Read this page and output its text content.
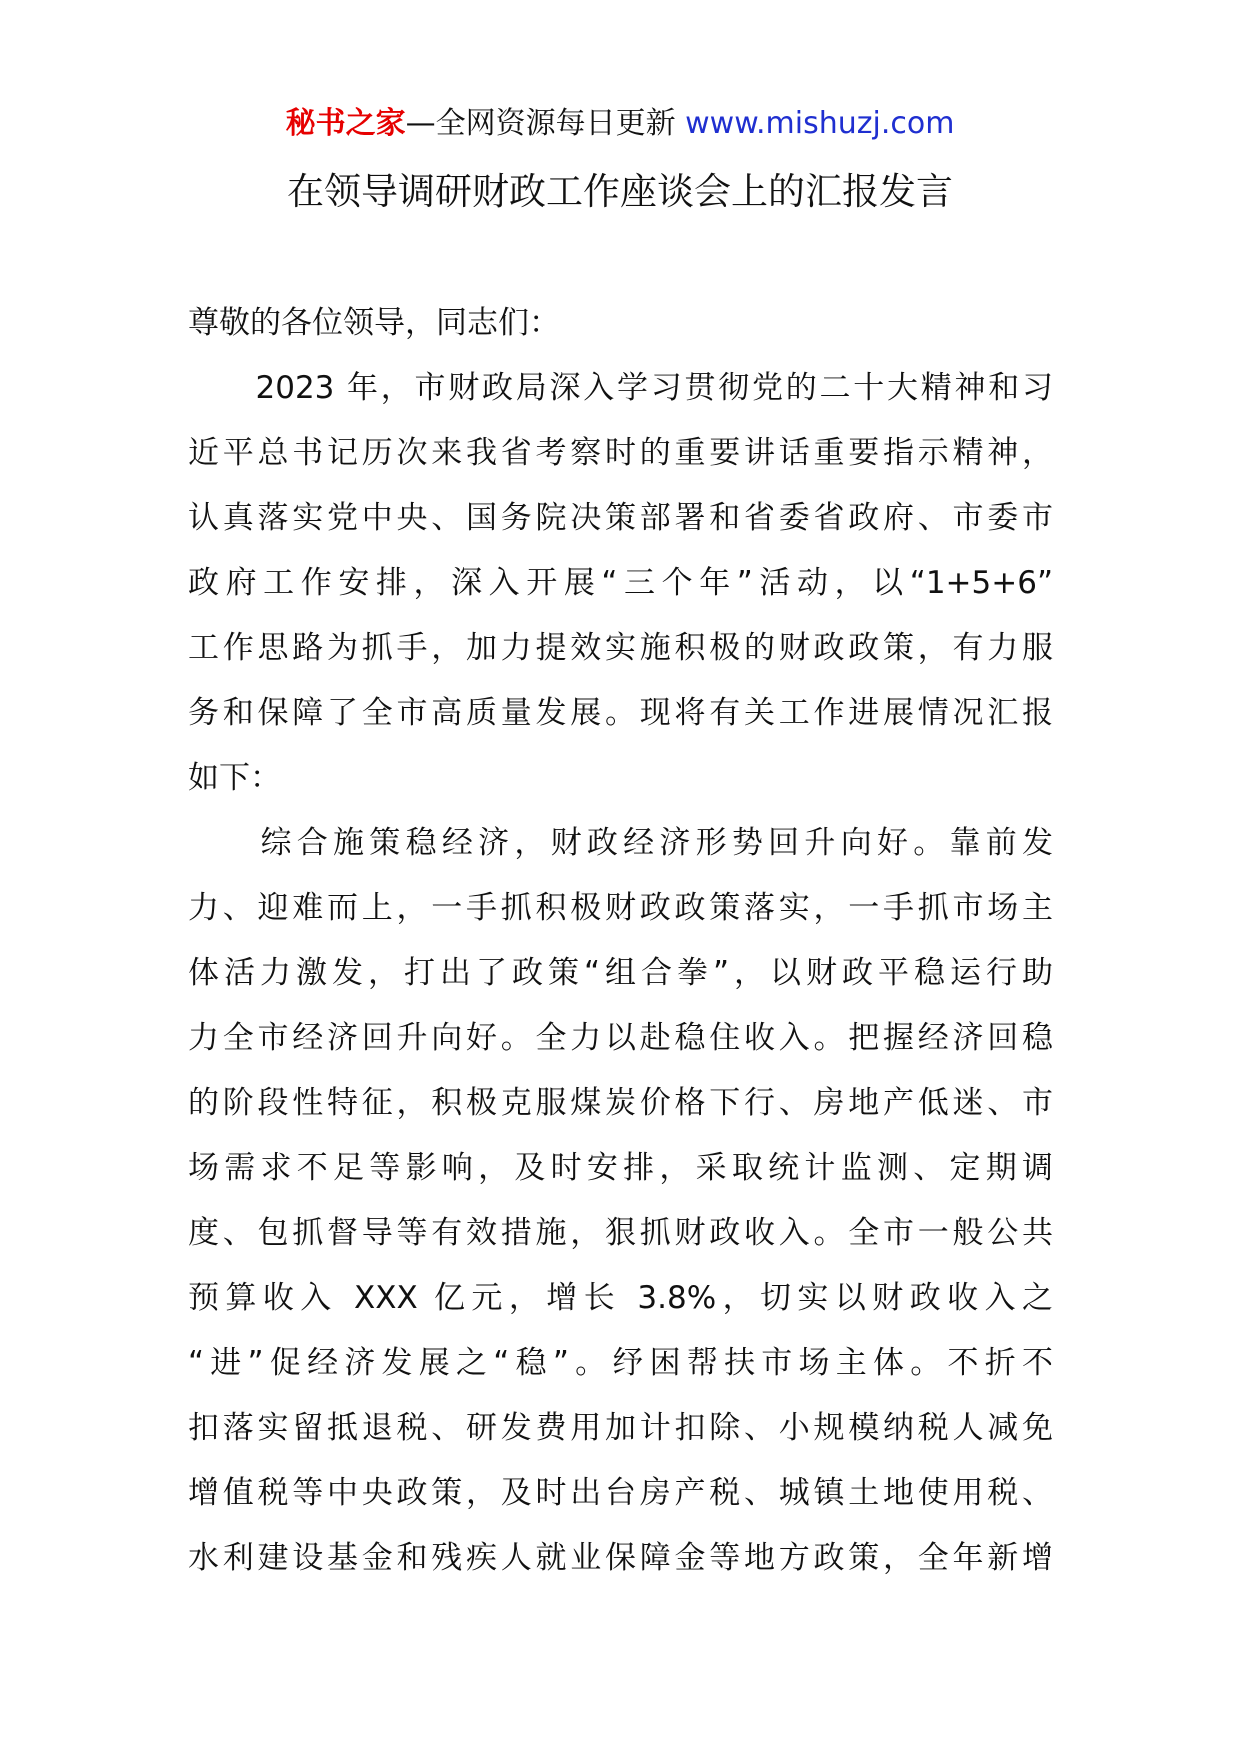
秘书之家—全网资源每日更新 www.mishuzj.com
在领导调研财政工作座谈会上的汇报发言
尊敬的各位领导，同志们：
　　2023 年，市财政局深入学习贯彻党的二十大精神和习
近平总书记历次来我省考察时的重要讲话重要指示精神，
认真落实党中央、国务院决策部署和省委省政府、市委市
政府工作安排，深入开展“三个年”活动，以“1+5+6”
工作思路为抓手，加力提效实施积极的财政政策，有力服
务和保障了全市高质量发展。现将有关工作进展情况汇报
如下：
　　综合施策稳经济，财政经济形势回升向好。靠前发
力、迎难而上，一手抓积极财政政策落实，一手抓市场主
体活力激发，打出了政策“组合拳”，以财政平稳运行助
力全市经济回升向好。全力以赴稳住收入。把握经济回稳
的阶段性特征，积极克服煤炭价格下行、房地产低迷、市
场需求不足等影响，及时安排，采取统计监测、定期调
度、包抓督导等有效措施，狠抓财政收入。全市一般公共
预算收入 XXX 亿元，增长 3.8%，切实以财政收入之
“进”促经济发展之“稳”。纾困帮扶市场主体。不折不
扣落实留抵退税、研发费用加计扣除、小规模纳税人减免
增值税等中央政策，及时出台房产税、城镇土地使用税、
水利建设基金和残疾人就业保障金等地方政策，全年新增
